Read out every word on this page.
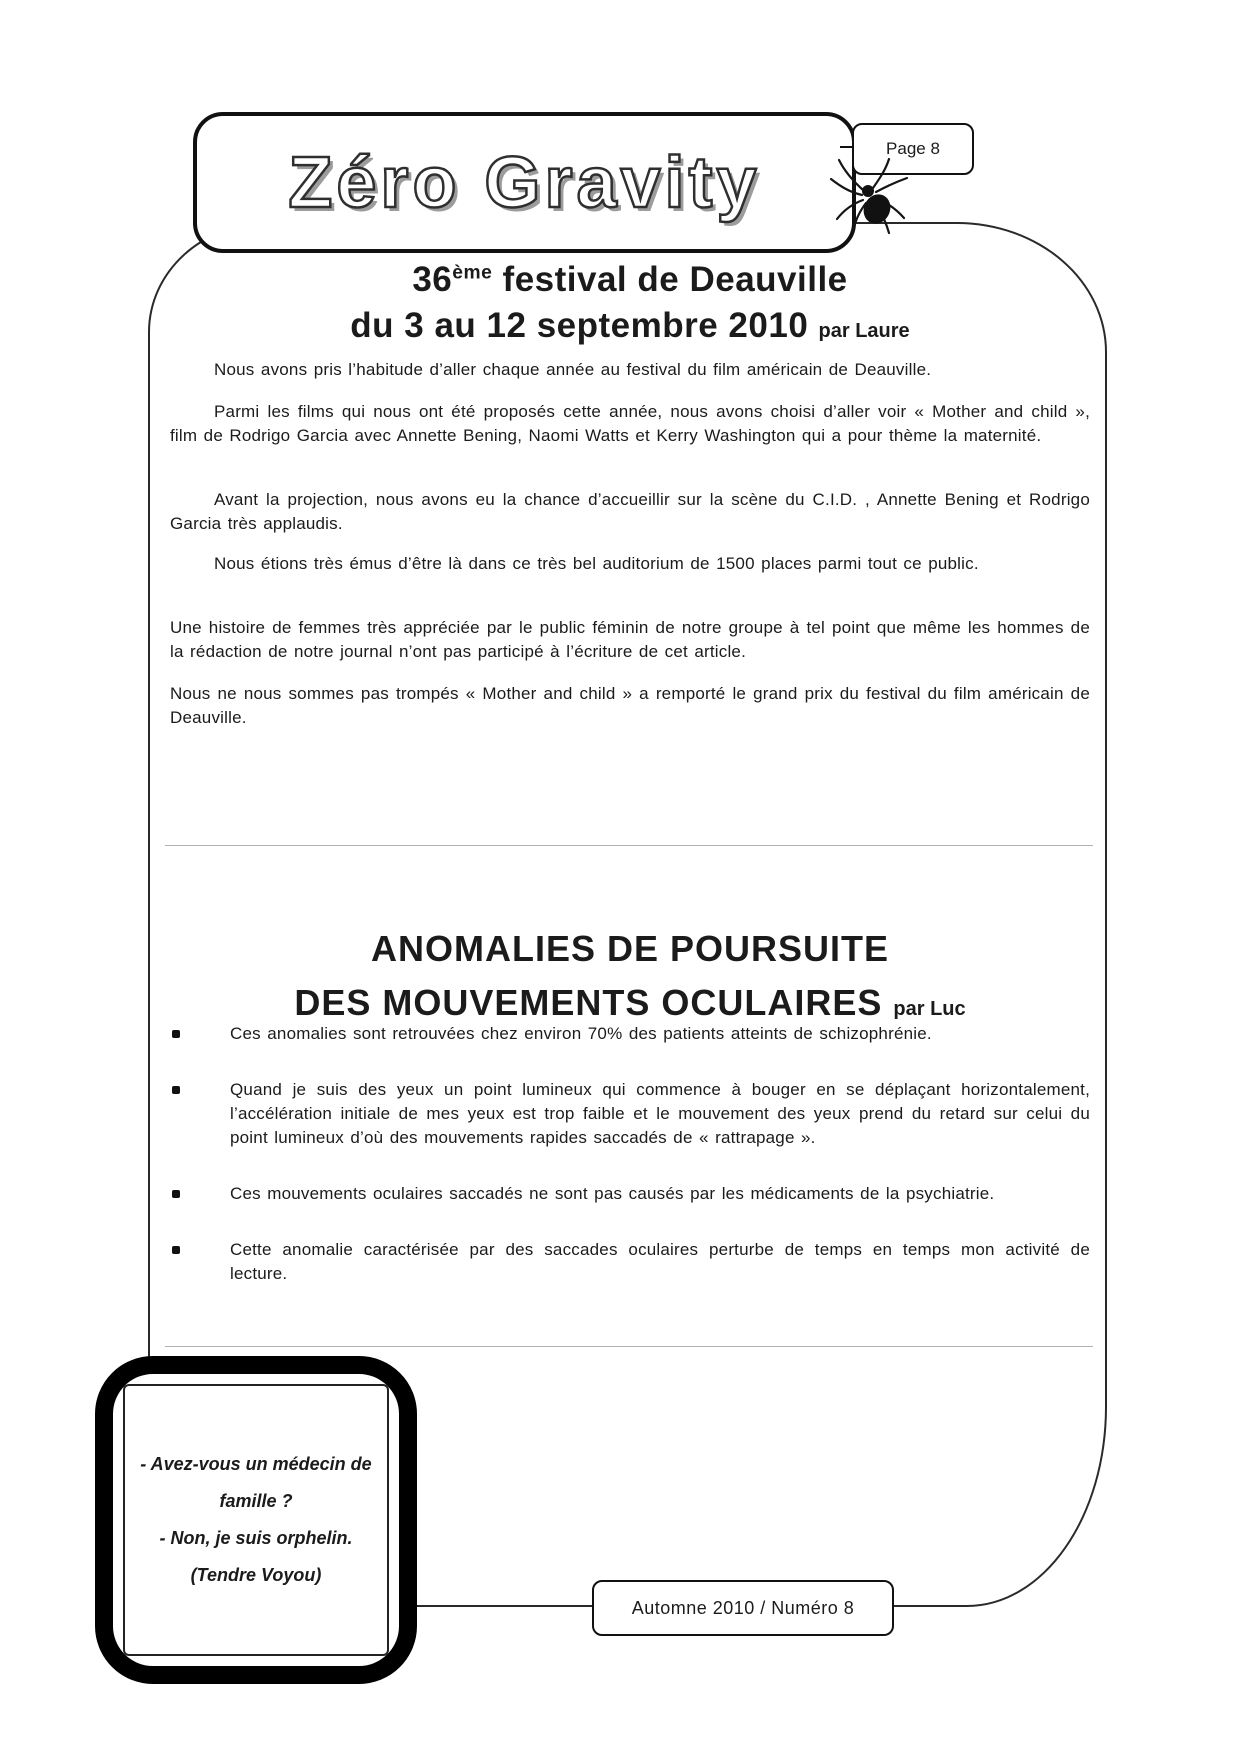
Zéro Gravity	Page 8
36ème festival de Deauville
du 3 au 12 septembre 2010 par Laure

Nous avons pris l’habitude d’aller chaque année au festival du film américain de Deauville.

Parmi les films qui nous ont été proposés cette année, nous avons choisi d’aller voir « Mother and child », film de Rodrigo Garcia avec Annette Bening, Naomi Watts et Kerry Washington qui a pour thème la maternité.

Avant la projection, nous avons eu la chance d’accueillir sur la scène du C.I.D. , Annette Bening et Rodrigo Garcia très applaudis.

Nous étions très émus d’être là dans ce très bel auditorium de 1500 places parmi tout ce public.

Une histoire de femmes très appréciée par le public féminin de notre groupe à tel point que même les hommes de la rédaction de notre journal n’ont pas participé à l’écriture de cet article.

Nous ne nous sommes pas trompés « Mother and child » a remporté le grand prix du festival du film américain de Deauville.

ANOMALIES DE POURSUITE
DES MOUVEMENTS OCULAIRES par Luc

Ces anomalies sont retrouvées chez environ 70% des patients atteints de schizophrénie.

Quand je suis des yeux un point lumineux qui commence à bouger en se déplaçant horizontalement, l’accélération initiale de mes yeux est trop faible et le mouvement des yeux prend du retard sur celui du point lumineux d’où des mouvements rapides saccadés de « rattrapage ».

Ces mouvements oculaires saccadés ne sont pas causés par les médicaments de la psychiatrie.

Cette anomalie caractérisée par des saccades oculaires perturbe de temps en temps mon activité de lecture.

- Avez-vous un médecin de famille ?
- Non, je suis orphelin.
(Tendre Voyou)
Automne 2010 / Numéro 8
